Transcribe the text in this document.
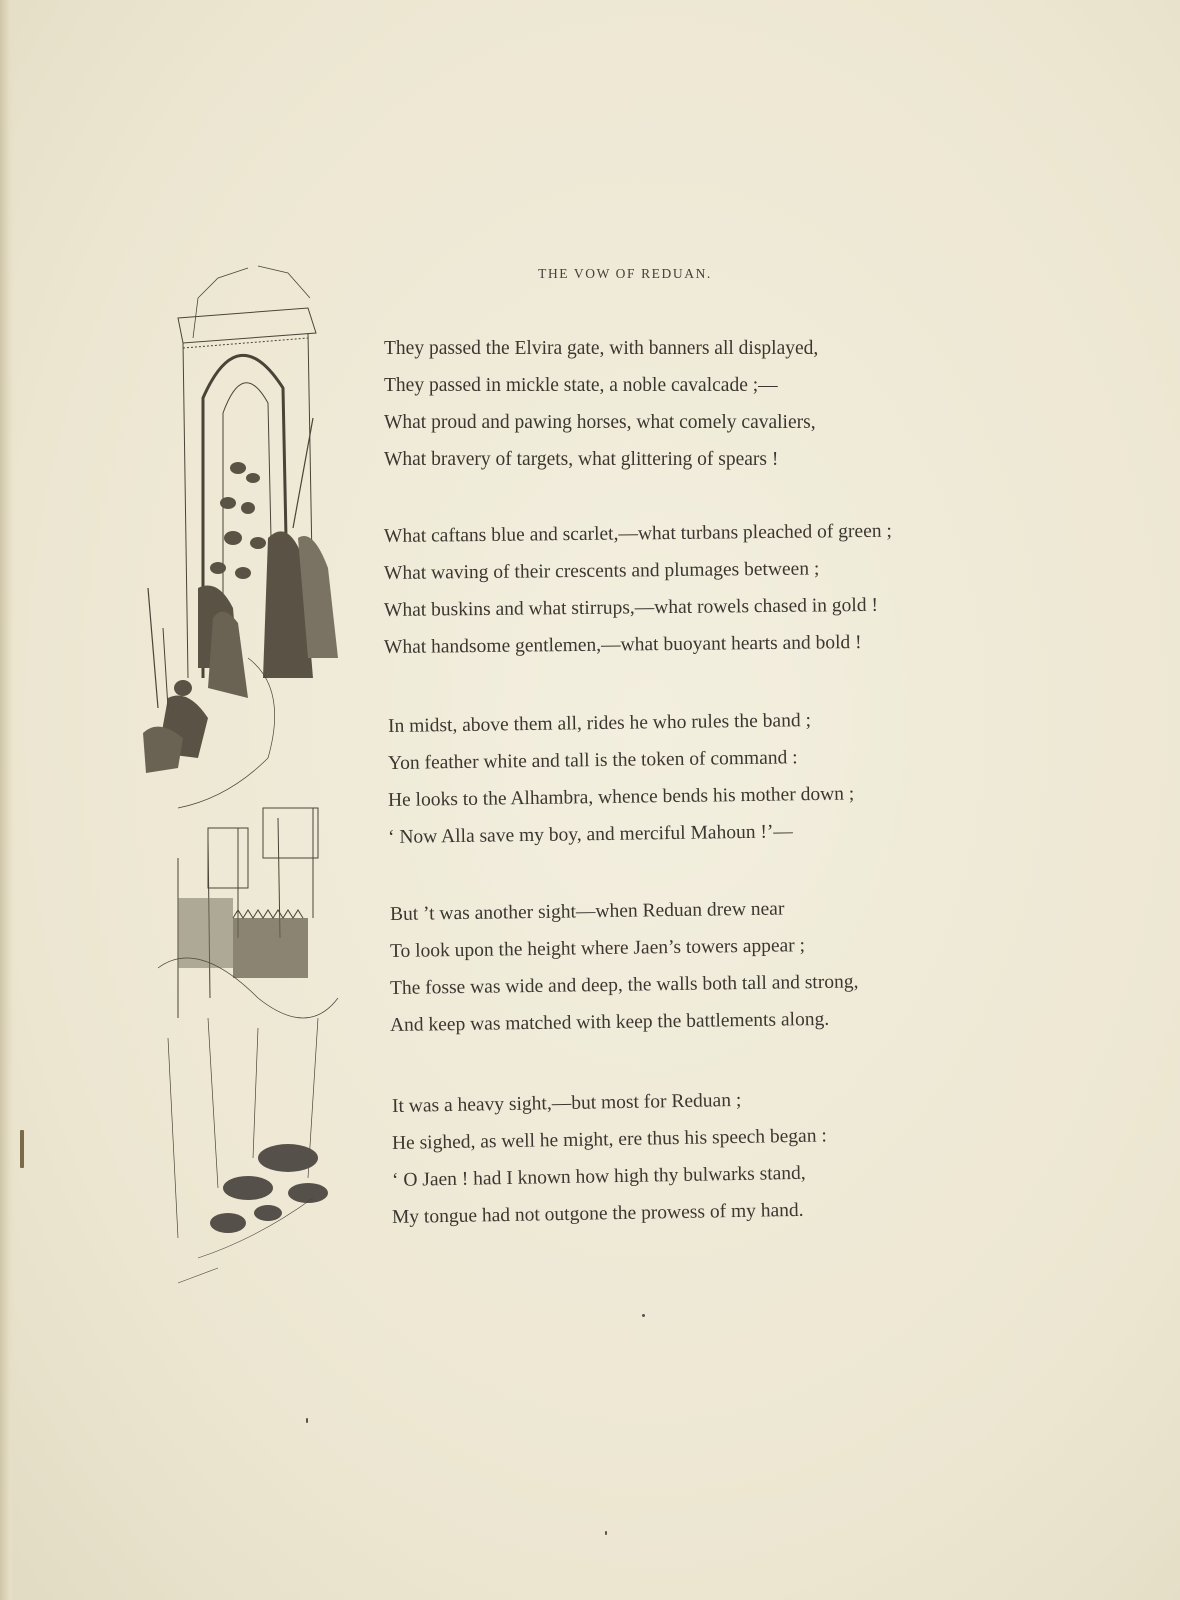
THE VOW OF REDUAN.
They passed the Elvira gate, with banners all displayed,
They passed in mickle state, a noble cavalcade ;—
What proud and pawing horses, what comely cavaliers,
What bravery of targets, what glittering of spears !
What caftans blue and scarlet,—what turbans pleached of green ;
What waving of their crescents and plumages between ;
What buskins and what stirrups,—what rowels chased in gold !
What handsome gentlemen,—what buoyant hearts and bold !
In midst, above them all, rides he who rules the band ;
Yon feather white and tall is the token of command :
He looks to the Alhambra, whence bends his mother down ;
‘ Now Alla save my boy, and merciful Mahoun !’—
But ’t was another sight—when Reduan drew near
To look upon the height where Jaen’s towers appear ;
The fosse was wide and deep, the walls both tall and strong,
And keep was matched with keep the battlements along.
It was a heavy sight,—but most for Reduan ;
He sighed, as well he might, ere thus his speech began :
‘ O Jaen ! had I known how high thy bulwarks stand,
My tongue had not outgone the prowess of my hand.
